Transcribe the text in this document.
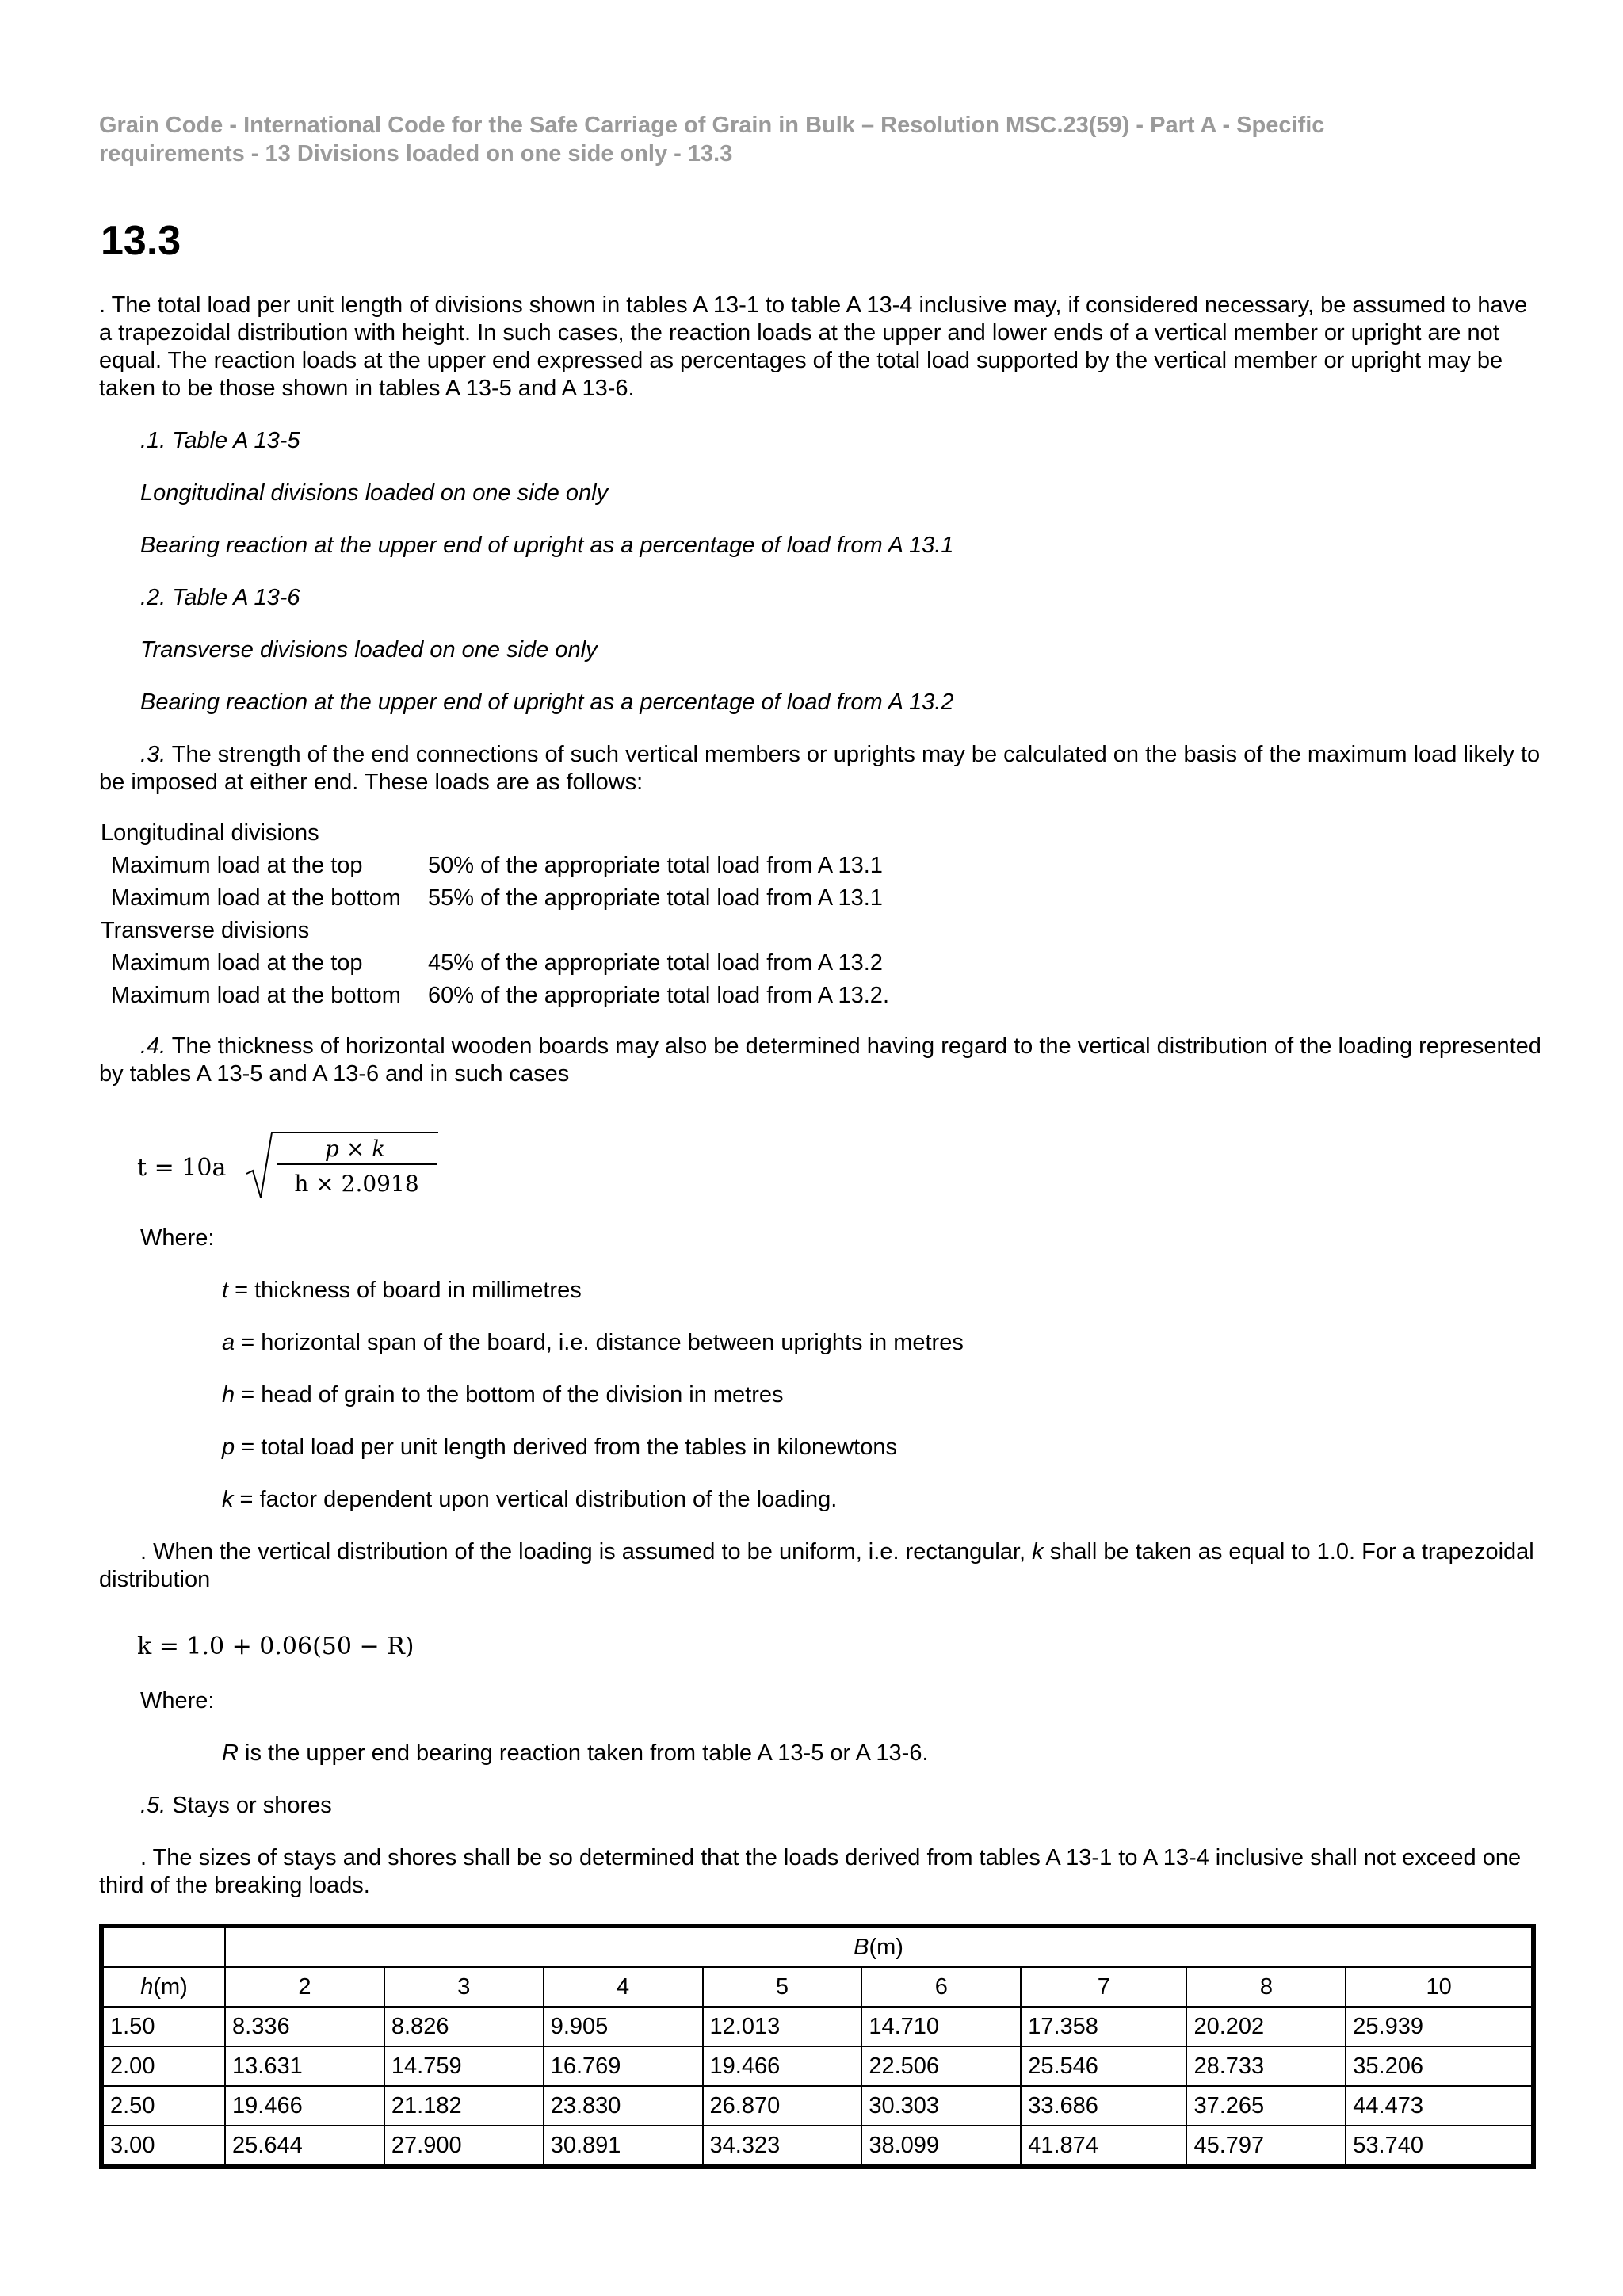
Grain Code - International Code for the Safe Carriage of Grain in Bulk – Resolution MSC.23(59) - Part A - Specific requirements - 13 Divisions loaded on one side only - 13.3
13.3

. The total load per unit length of divisions shown in tables A 13-1 to table A 13-4 inclusive may, if considered necessary, be assumed to have a trapezoidal distribution with height. In such cases, the reaction loads at the upper and lower ends of a vertical member or upright are not equal. The reaction loads at the upper end expressed as percentages of the total load supported by the vertical member or upright may be taken to be those shown in tables A 13-5 and A 13-6.

.1. Table A 13-5

Longitudinal divisions loaded on one side only

Bearing reaction at the upper end of upright as a percentage of load from A 13.1

.2. Table A 13-6

Transverse divisions loaded on one side only

Bearing reaction at the upper end of upright as a percentage of load from A 13.2

.3. The strength of the end connections of such vertical members or uprights may be calculated on the basis of the maximum load likely to be imposed at either end. These loads are as follows:

Longitudinal divisions
Maximum load at the top	50% of the appropriate total load from A 13.1
Maximum load at the bottom	55% of the appropriate total load from A 13.1
Transverse divisions
Maximum load at the top	45% of the appropriate total load from A 13.2
Maximum load at the bottom	60% of the appropriate total load from A 13.2.

.4. The thickness of horizontal wooden boards may also be determined having regard to the vertical distribution of the loading represented by tables A 13-5 and A 13-6 and in such cases

t = 10a
p × k
h × 2.0918

Where:

t = thickness of board in millimetres

a = horizontal span of the board, i.e. distance between uprights in metres

h = head of grain to the bottom of the division in metres

p = total load per unit length derived from the tables in kilonewtons

k = factor dependent upon vertical distribution of the loading.

. When the vertical distribution of the loading is assumed to be uniform, i.e. rectangular, k shall be taken as equal to 1.0. For a trapezoidal distribution

k = 1.0 + 0.06(50 − R)

Where:

R is the upper end bearing reaction taken from table A 13-5 or A 13-6.

.5. Stays or shores

. The sizes of stays and shores shall be so determined that the loads derived from tables A 13-1 to A 13-4 inclusive shall not exceed one third of the breaking loads.

	B(m)							
h(m)	2	3	4	5	6	7	8	10
1.50	8.336	8.826	9.905	12.013	14.710	17.358	20.202	25.939
2.00	13.631	14.759	16.769	19.466	22.506	25.546	28.733	35.206
2.50	19.466	21.182	23.830	26.870	30.303	33.686	37.265	44.473
3.00	25.644	27.900	30.891	34.323	38.099	41.874	45.797	53.740
